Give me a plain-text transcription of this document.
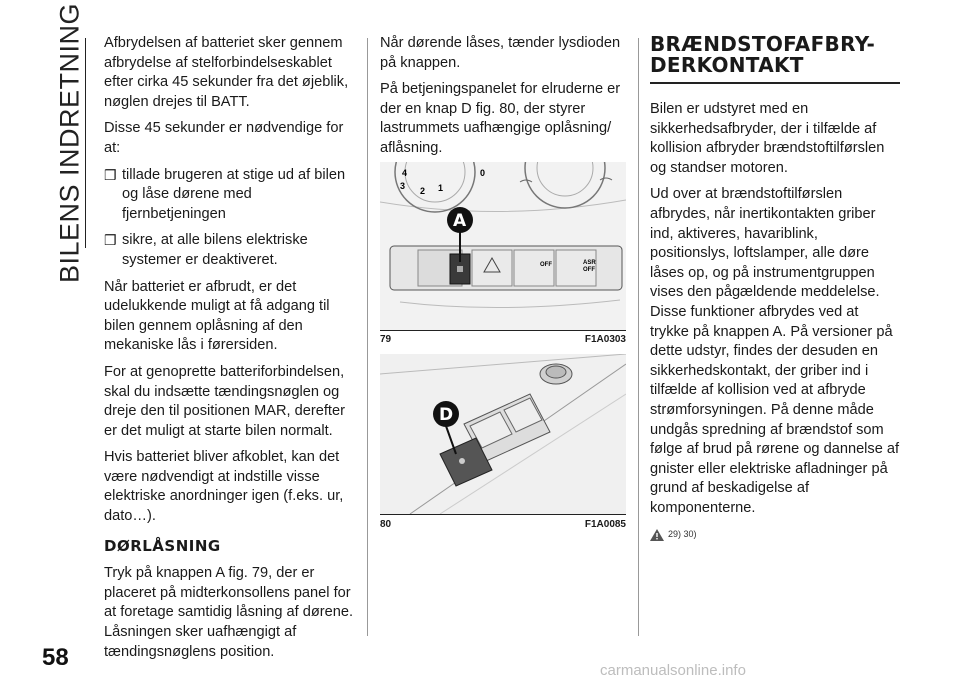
BILENS INDRETNING
58

Afbrydelsen af batteriet sker gennem afbrydelse af stelforbindelseskablet efter cirka 45 sekunder fra det øjeblik, nøglen drejes til BATT.

Disse 45 sekunder er nødvendige for at:

❒ tillade brugeren at stige ud af bilen og låse dørene med fjernbetjeningen
❒ sikre, at alle bilens elektriske systemer er deaktiveret.

Når batteriet er afbrudt, er det udelukkende muligt at få adgang til bilen gennem oplåsning af den mekaniske lås i førersiden.

For at genoprette batteriforbindelsen, skal du indsætte tændingsnøglen og dreje den til positionen MAR, derefter er det muligt at starte bilen normalt.

Hvis batteriet bliver afkoblet, kan det være nødvendigt at indstille visse elektriske anordninger igen (f.eks. ur, dato…).

DØRLÅSNING

Tryk på knappen A fig. 79, der er placeret på midterkonsollens panel for at foretage samtidig låsning af dørene. Låsningen sker uafhængigt af tændingsnøglens position.

Når dørende låses, tænder lysdioden på knappen.

På betjeningspanelet for elruderne er der en knap D fig. 80, der styrer lastrummets uafhængige oplåsning/ aflåsning.

4
3 2 1
0
OFF	ASR
OFF
A
79	F1A0303
D
80	F1A0085
BRÆNDSTOFAFBRY-DERKONTAKT

Bilen er udstyret med en sikkerhedsafbryder, der i tilfælde af kollision afbryder brændstoftilførslen og standser motoren.

Ud over at brændstoftilførslen afbrydes, når inertikontakten griber ind, aktiveres, havariblink, positionslys, loftslamper, alle døre låses op, og på instrumentgruppen vises den pågældende meddelelse. Disse funktioner afbrydes ved at trykke på knappen A. På versioner på dette udstyr, findes der desuden en sikkerhedskontakt, der griber ind i tilfælde af kollision ved at afbryde strømforsyningen. På denne måde undgås spredning af brændstof som følge af brud på rørene og dannelse af gnister eller elektriske afladninger på grund af beskadigelse af komponenterne.

29) 30)
carmanualsonline.info
